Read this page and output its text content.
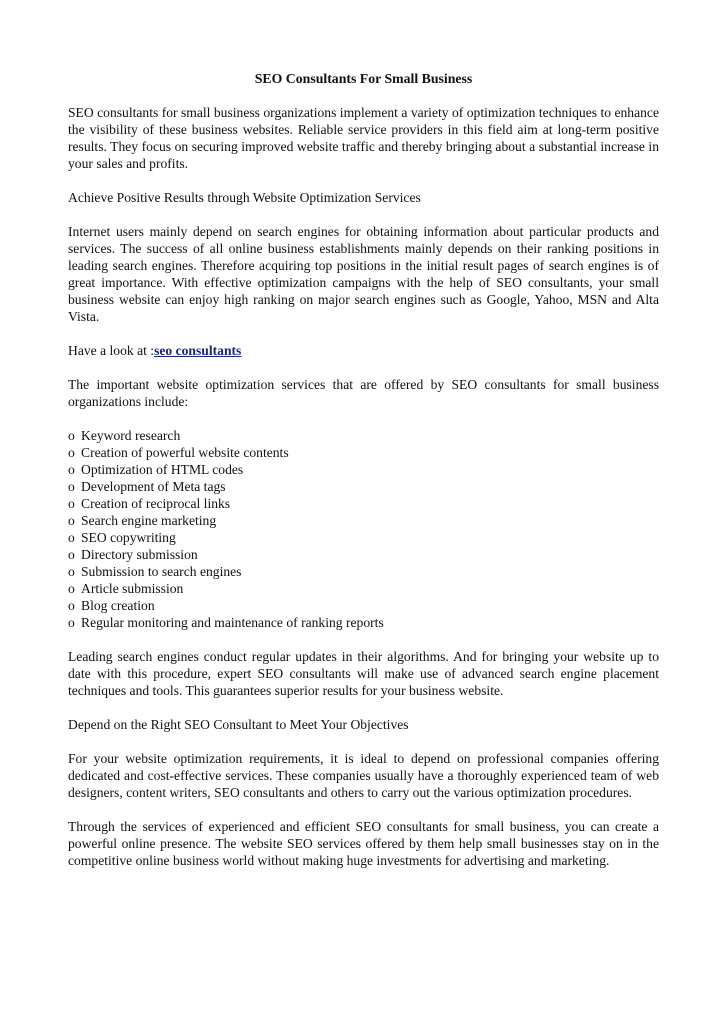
SEO Consultants For Small Business

SEO consultants for small business organizations implement a variety of optimization techniques to enhance the visibility of these business websites. Reliable service providers in this field aim at long-term positive results. They focus on securing improved website traffic and thereby bringing about a substantial increase in your sales and profits.

Achieve Positive Results through Website Optimization Services

Internet users mainly depend on search engines for obtaining information about particular products and services. The success of all online business establishments mainly depends on their ranking positions in leading search engines. Therefore acquiring top positions in the initial result pages of search engines is of great importance. With effective optimization campaigns with the help of SEO consultants, your small business website can enjoy high ranking on major search engines such as Google, Yahoo, MSN and Alta Vista.

Have a look at :seo consultants

The important website optimization services that are offered by SEO consultants for small business organizations include:

o Keyword research
o Creation of powerful website contents
o Optimization of HTML codes
o Development of Meta tags
o Creation of reciprocal links
o Search engine marketing
o SEO copywriting
o Directory submission
o Submission to search engines
o Article submission
o Blog creation
o Regular monitoring and maintenance of ranking reports

Leading search engines conduct regular updates in their algorithms. And for bringing your website up to date with this procedure, expert SEO consultants will make use of advanced search engine placement techniques and tools. This guarantees superior results for your business website.

Depend on the Right SEO Consultant to Meet Your Objectives

For your website optimization requirements, it is ideal to depend on professional companies offering dedicated and cost-effective services. These companies usually have a thoroughly experienced team of web designers, content writers, SEO consultants and others to carry out the various optimization procedures.

Through the services of experienced and efficient SEO consultants for small business, you can create a powerful online presence. The website SEO services offered by them help small businesses stay on in the competitive online business world without making huge investments for advertising and marketing.
